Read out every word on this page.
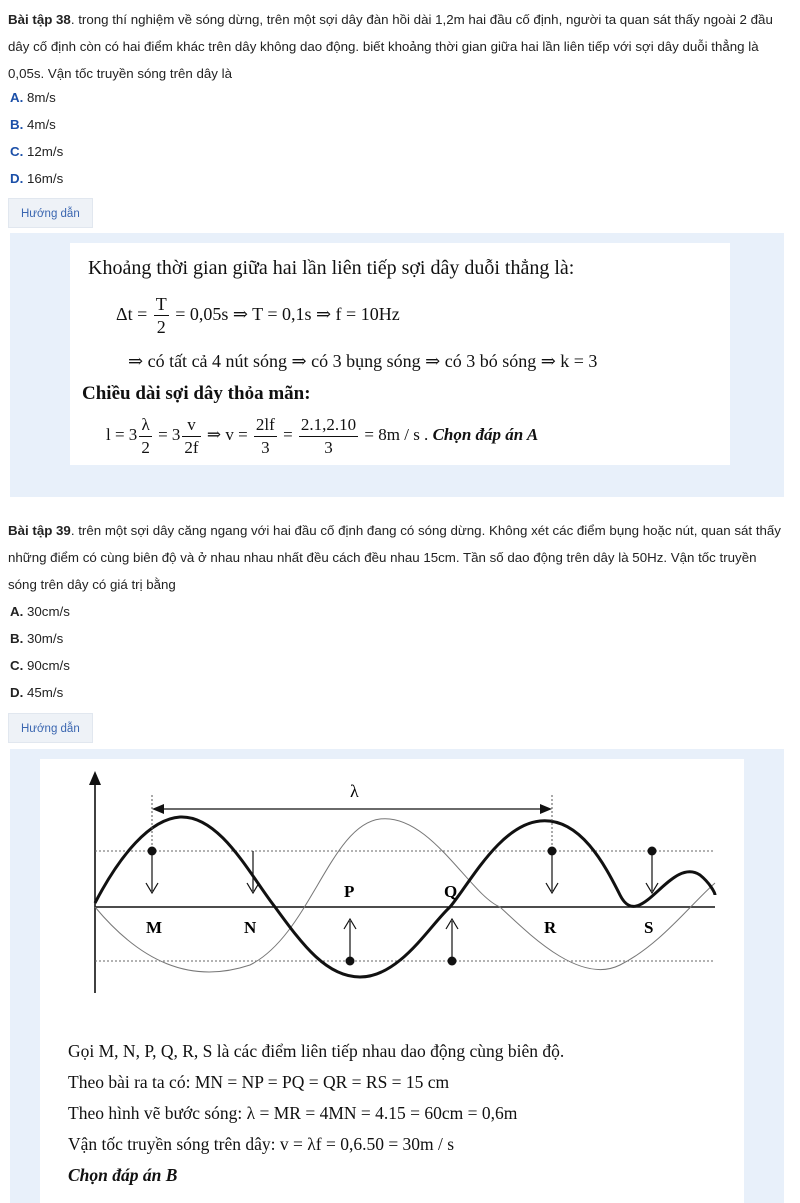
Bài tập 38. trong thí nghiệm về sóng dừng, trên một sợi dây đàn hồi dài 1,2m hai đầu cố định, người ta quan sát thấy ngoài 2 đầu dây cố định còn có hai điểm khác trên dây không dao động. biết khoảng thời gian giữa hai lần liên tiếp với sợi dây duỗi thẳng là 0,05s. Vận tốc truyền sóng trên dây là
A. 8m/s
B. 4m/s
C. 12m/s
D. 16m/s
Hướng dẫn
Khoảng thời gian giữa hai lần liên tiếp sợi dây duỗi thẳng là:
$\Delta t = \frac{T}{2} = 0,05s$ ⇒ T = 0,1s ⇒ f = 10Hz
⇒ có tất cả 4 nút sóng ⇒ có 3 bụng sóng ⇒ có 3 bó sóng ⇒ k = 3
Chiều dài sợi dây thỏa mãn:
$l = 3 \frac{\lambda}{2} = 3 \frac{v}{2f}$ ⇒ $v = \frac{2lf}{3} = \frac{2.1,2.10}{3} = 8m / s$ . Chọn đáp án A
Bài tập 39. trên một sợi dây căng ngang với hai đầu cố định đang có sóng dừng. Không xét các điểm bụng hoặc nút, quan sát thấy những điểm có cùng biên độ và ở nhau nhau nhất đều cách đều nhau 15cm. Tần số dao động trên dây là 50Hz. Vận tốc truyền sóng trên dây có giá trị bằng
A. 30cm/s
B. 30m/s
C. 90cm/s
D. 45m/s
Hướng dẫn
λ
M	N
P	Q
R	S
Gọi M, N, P, Q, R, S là các điểm liên tiếp nhau dao động cùng biên độ.
Theo bài ra ta có: MN = NP = PQ = QR = RS = 15 cm
Theo hình vẽ bước sóng: λ = MR = 4MN = 4.15 = 60cm = 0,6m
Vận tốc truyền sóng trên dây: v = λf = 0,6.50 = 30m / s
Chọn đáp án B
